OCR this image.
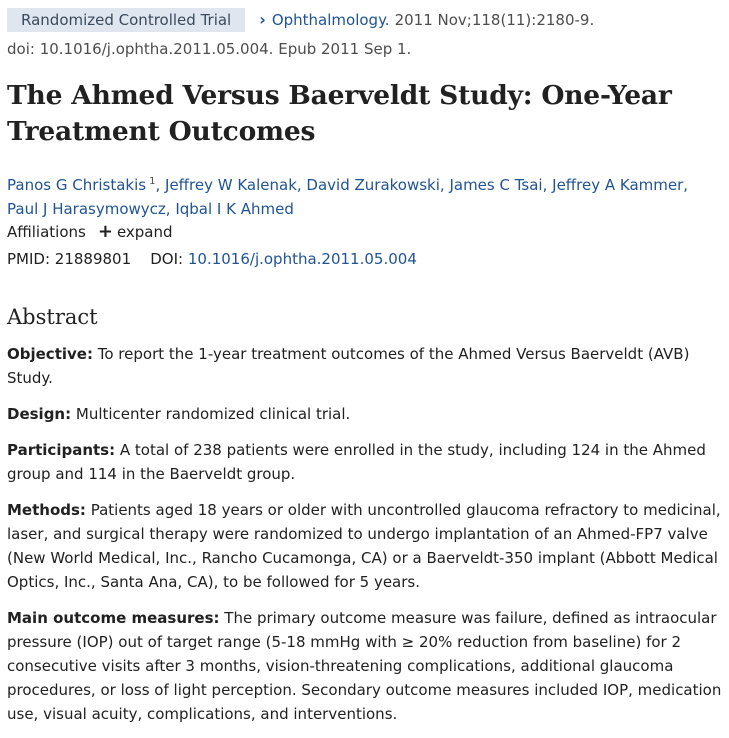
Randomized Controlled Trial	› Ophthalmology. 2011 Nov;118(11):2180-9.
doi: 10.1016/j.ophtha.2011.05.004. Epub 2011 Sep 1.
The Ahmed Versus Baerveldt Study: One-Year Treatment Outcomes
Panos G Christakis $^1$, Jeffrey W Kalenak, David Zurakowski, James C Tsai, Jeffrey A Kammer, Paul J Harasymowycz, Iqbal I K Ahmed
Affiliations + expand
PMID: 21889801 DOI: 10.1016/j.ophtha.2011.05.004
Abstract

Objective: To report the 1-year treatment outcomes of the Ahmed Versus Baerveldt (AVB) Study.

Design: Multicenter randomized clinical trial.

Participants: A total of 238 patients were enrolled in the study, including 124 in the Ahmed group and 114 in the Baerveldt group.

Methods: Patients aged 18 years or older with uncontrolled glaucoma refractory to medicinal, laser, and surgical therapy were randomized to undergo implantation of an Ahmed-FP7 valve (New World Medical, Inc., Rancho Cucamonga, CA) or a Baerveldt-350 implant (Abbott Medical Optics, Inc., Santa Ana, CA), to be followed for 5 years.

Main outcome measures: The primary outcome measure was failure, defined as intraocular pressure (IOP) out of target range (5-18 mmHg with ≥ 20% reduction from baseline) for 2 consecutive visits after 3 months, vision-threatening complications, additional glaucoma procedures, or loss of light perception. Secondary outcome measures included IOP, medication use, visual acuity, complications, and interventions.
